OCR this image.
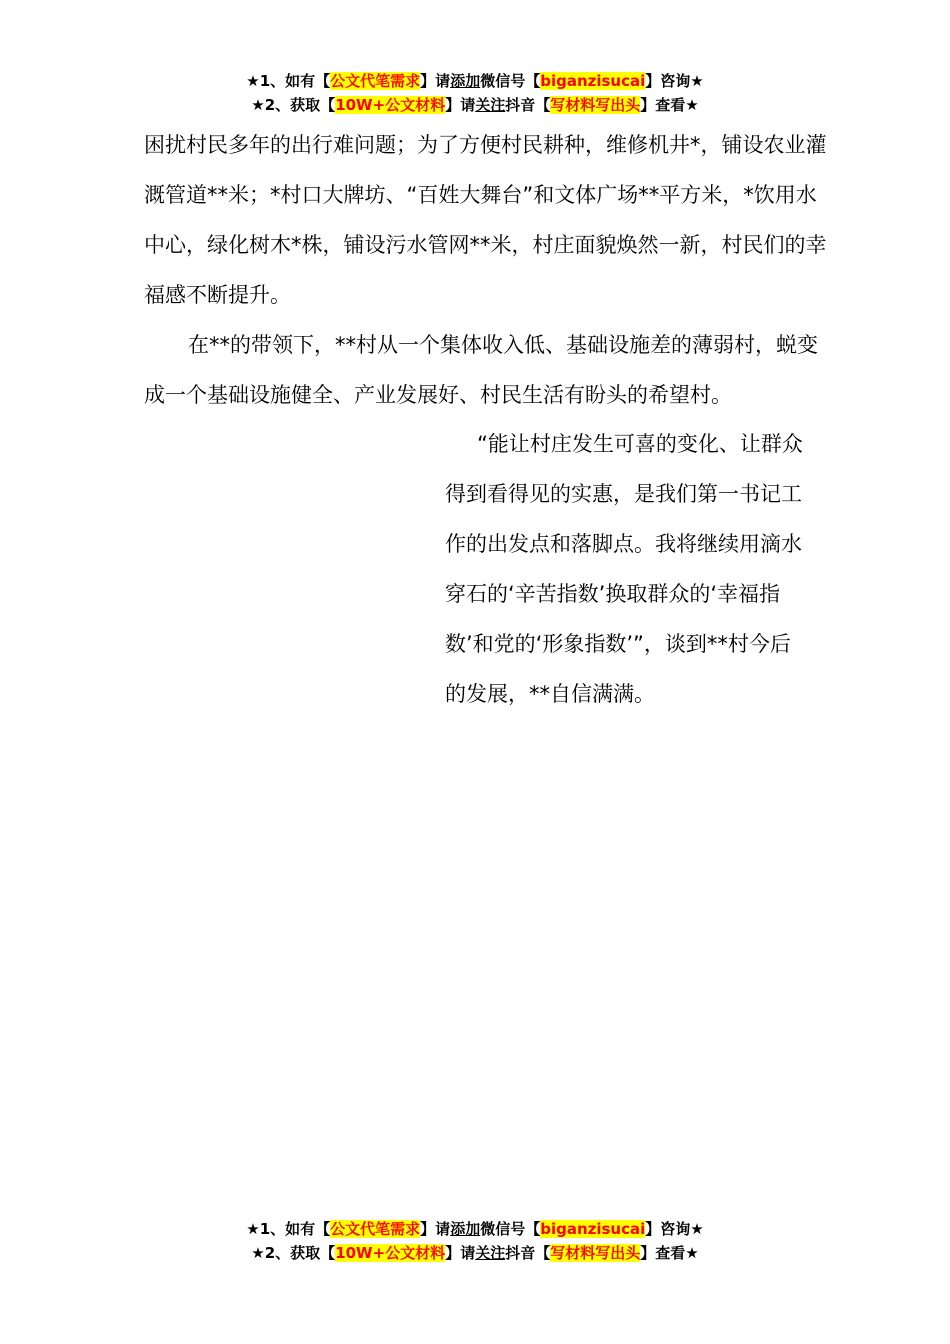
★1、如有【公文代笔需求】请添加微信号【biganzisucai】咨询★
★2、获取【10W+公文材料】请关注抖音【写材料写出头】查看★

困扰村民多年的出行难问题；为了方便村民耕种，维修机井*，铺设农业灌溉管道**米；*村口大牌坊、“百姓大舞台”和文体广场**平方米，*饮用水中心，绿化树木*株，铺设污水管网**米，村庄面貌焕然一新，村民们的幸福感不断提升。

在**的带领下，**村从一个集体收入低、基础设施差的薄弱村，蜕变成一个基础设施健全、产业发展好、村民生活有盼头的希望村。

“能让村庄发生可喜的变化、让群众得到看得见的实惠，是我们第一书记工作的出发点和落脚点。我将继续用滴水穿石的‘辛苦指数’换取群众的‘幸福指数’和党的‘形象指数’”，谈到**村今后的发展，**自信满满。
★1、如有【公文代笔需求】请添加微信号【biganzisucai】咨询★
★2、获取【10W+公文材料】请关注抖音【写材料写出头】查看★
